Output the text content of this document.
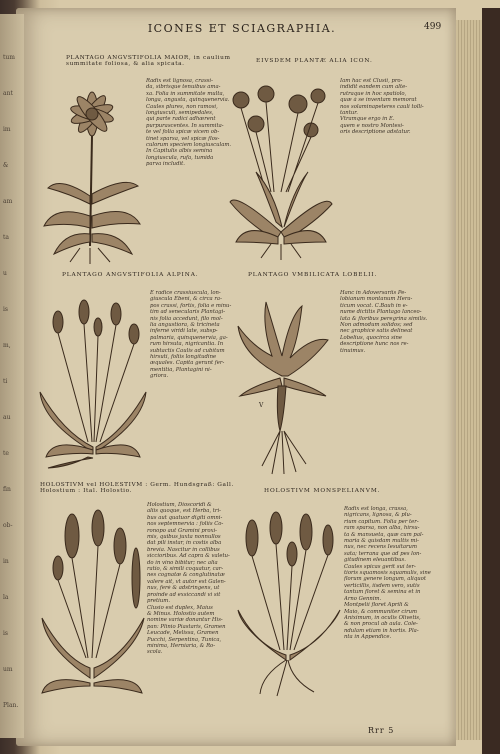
tum
ant
im
&
am
ta
u
is
m,
ti
au
te
fin
ob-
in
la
is
um
Plan.
ICONES ET SCIAGRAPHIA.	499
PLANTAGO ANGVSTIFOLIA MAIOR, in caulium summitate foliosa, & alia spicata.	EIVSDEM PLANTÆ ALIA ICON.
PLANTAGO ANGVSTIFOLIA ALPINA.	PLANTAGO VMBILICATA LOBELII.
HOLOSTIVM vel HOLESTIVM : Germ. Hundsgraß: Gall. Holostium : Ital. Holostio.	HOLOSTIVM MONSPELIANVM.
Radix est lignosa, crassi-
da, sibrisque tenuibus ama-
xa. Folia in summitate multa,
longa, angusta, quinquenervia.
Caules plures, non ramosi,
longiusculi, semipedales,
qui parte radici adhærent
purpurascentes. In summita-
te vel folia spicæ vicem ob-
tinet sparsa, vel spicæ flos-
culorum speciem longiusculam.
In Capitulis albis semina
longiuscula, rufa, tumida
parva includit.
Iam hac est Clusii, pro-
indidit eandem cum alte-
rutraque in hoc spatiolo,
quæ à se inventam memorat
nos solaminapeteres cauli tolli-
tantur.
Vtramque ergo in E.
quem e nostro Montesi-
oris descriptione adstatur.
E radice crassiuscula, lon-
giuscula Ebeni, & circa ra-
pos crassi, fortis, folia e minu-
tim ad senecularis Plantagi-
nis folia accedunt, filo mol-
lia angustiora, & tricineta
infernè viridi late, subsp-
palmaria, quinquenervia, ga-
rum hirsuta, nigricantia. In
subtactis Caulis ad cubitum
hirsuti, foliis longitudine
æquales. Capita gerunt fer-
mentitia, Plantagini ni-
griora.
Hanc in Adoversariis Pe-
lobianum montanum Hera-
ticum vocat. C.Bauh in e-
nume dictitis Plantago lanceo-
lata & floribus peregrina similis.
Non admodum solidos; sed
nec graphicè satis delineat
Lobelius, quocirca sine
descriptione hunc nos re-
tinuimus.
Holostium, Dioscoridi &
aliis quoque, est Herba, tri-
bus aut quatuor digiti omni-
nos septemnervia : foliis Co-
ronopo aut Gramini proxi-
mis, quibus juxta nonnullos
dat pili instar, in costis alba
brevia. Nascitur in collibus
siccioribus. Ad capra & valetu-
do in vino bibitur; nec alia
ratio, & simili coquatur, car-
nes cognatæ & conglutinatæ
valere ait, vt autor est Galen-
nus, ferè & adstringens, ut
proinde ad exsiccandi vi sit
pretium.
Clusio est duplex, Maius
& Minus. Holostio autem
nomine variæ donantur His-
pan: Plinio Piastaris, Gramen
Leucade, Melissa, Gramen
Pucchi, Serpentina, Tunica,
minima, Herniaria, & Ro-
scola.
Radix est longa, crassa,
nigricans, lignosa, & plu-
rium capitum. Folia per ter-
ram sparsa, non alba, hirsu-
ta & mansueta, quæ cum pal-
maria & quisdam multis mi-
nus, nec recens Iesuitarum
sata; terrana que ad pes lon-
gitudinem eleuantibus.
Caules spicas gerit sui ter-
tioris squamosis squamulis, sine
florum genere longum, aliquot
verticillis, iisdem vero, sutis
tantum floret & semina et in
Arno Gennim.
Montpelii floret Aprili &
Maio, & communiter cirum
Aniximum, in oculis Olivetis,
& non procul ab aula. Cole-
ndulam etiam in hortis. Pla-
nta in Appendice.
V
Rrr 5
